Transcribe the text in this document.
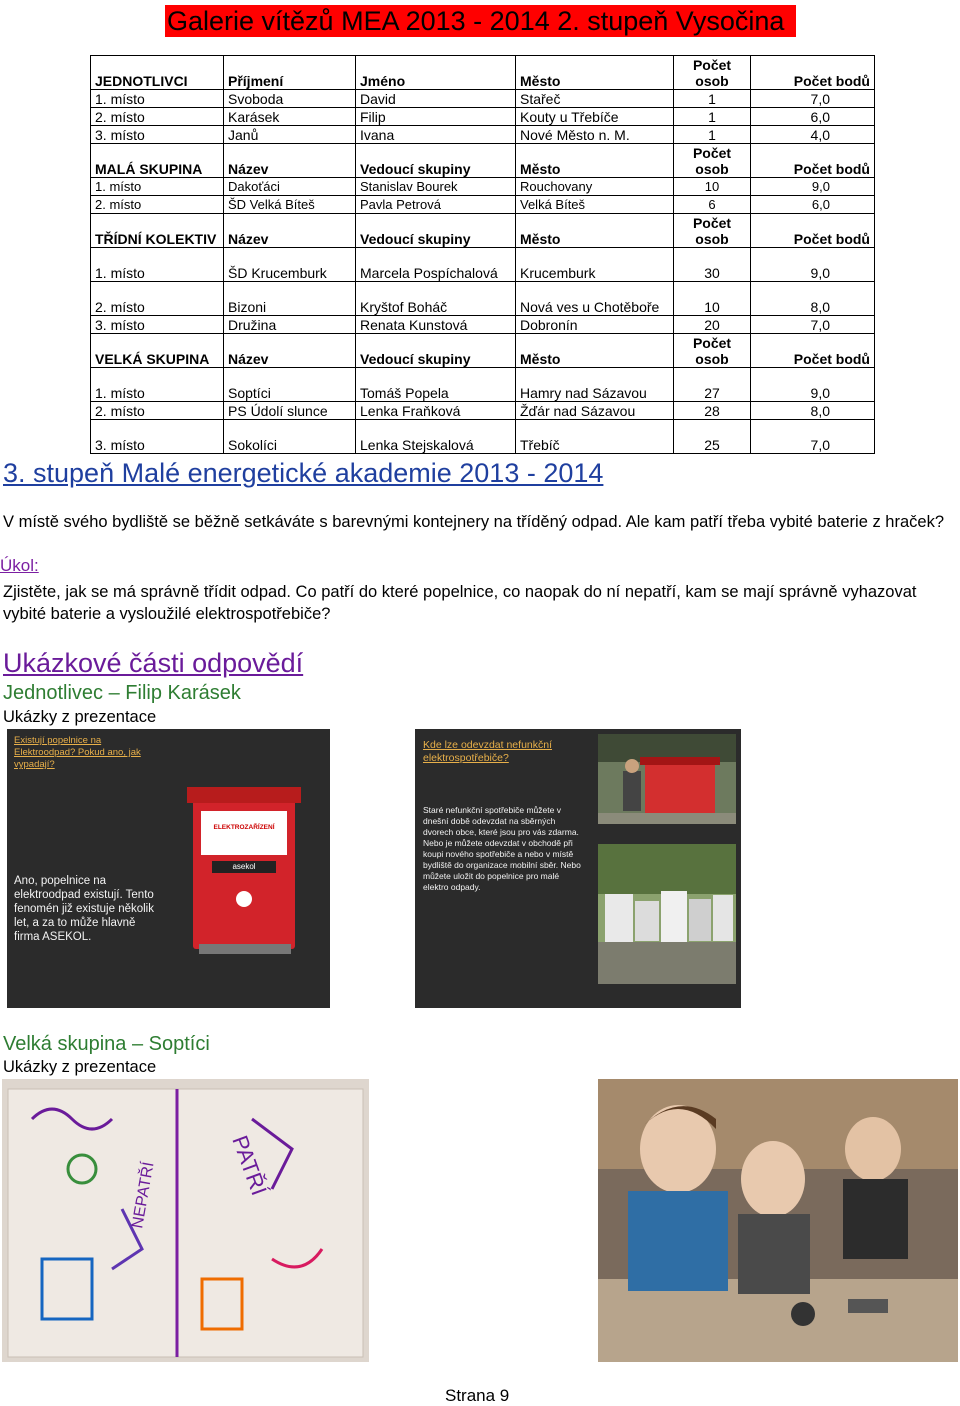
Galerie vítězů MEA 2013 - 2014 2. stupeň Vysočina
JEDNOTLIVCI	Příjmení	Jméno	Město	Počet osob	Počet bodů
1. místo	Svoboda	David	Stařeč	1	7,0
2. místo	Karásek	Filip	Kouty u Třebíče	1	6,0
3. místo	Janů	Ivana	Nové Město n. M.	1	4,0
MALÁ SKUPINA	Název	Vedoucí skupiny	Město	Počet osob	Počet bodů
1. místo	Dakoťáci	Stanislav Bourek	Rouchovany	10	9,0
2. místo	ŠD Velká Bíteš	Pavla Petrová	Velká Bíteš	6	6,0
TŘÍDNÍ KOLEKTIV	Název	Vedoucí skupiny	Město	Počet osob	Počet bodů
1. místo	ŠD Krucemburk	Marcela Pospíchalová	Krucemburk	30	9,0
2. místo	Bizoni	Kryštof Boháč	Nová ves u Chotěboře	10	8,0
3. místo	Družina	Renata Kunstová	Dobronín	20	7,0
VELKÁ SKUPINA	Název	Vedoucí skupiny	Město	Počet osob	Počet bodů
1. místo	Soptíci	Tomáš Popela	Hamry nad Sázavou	27	9,0
2. místo	PS Údolí slunce	Lenka Fraňková	Žďár nad Sázavou	28	8,0
3. místo	Sokolíci	Lenka Stejskalová	Třebíč	25	7,0
3. stupeň Malé energetické akademie 2013 - 2014
V místě svého bydliště se běžně setkáváte s barevnými kontejnery na tříděný odpad. Ale kam patří třeba vybité baterie z hraček?
Úkol:
Zjistěte, jak se má správně třídit odpad. Co patří do které popelnice, co naopak do ní nepatří, kam se mají správně vyhazovat vybité baterie a vysloužilé elektrospotřebiče?
Ukázkové části odpovědí
Jednotlivec – Filip Karásek
Ukázky z prezentace
ELEKTROZAŘÍZENÍ
asekol
Existují popelnice na Elektroodpad? Pokud ano, jak vypadají?
Ano, popelnice na elektroodpad existují. Tento fenomén již existuje několik let, a za to může hlavně firma ASEKOL.
Kde lze odevzdat nefunkční elektrospotřebiče?
Staré nefunkční spotřebiče můžete v dnešní době odevzdat na sběrných dvorech obce, které jsou pro vás zdarma. Nebo je můžete odevzdat v obchodě při koupi nového spotřebiče a nebo v místě bydliště do organizace mobilní sběr. Nebo můžete uložit do popelnice pro malé elektro odpady.
Velká skupina – Soptíci
Ukázky z prezentace
NEPATŘÍ	PATŘÍ
Strana 9
